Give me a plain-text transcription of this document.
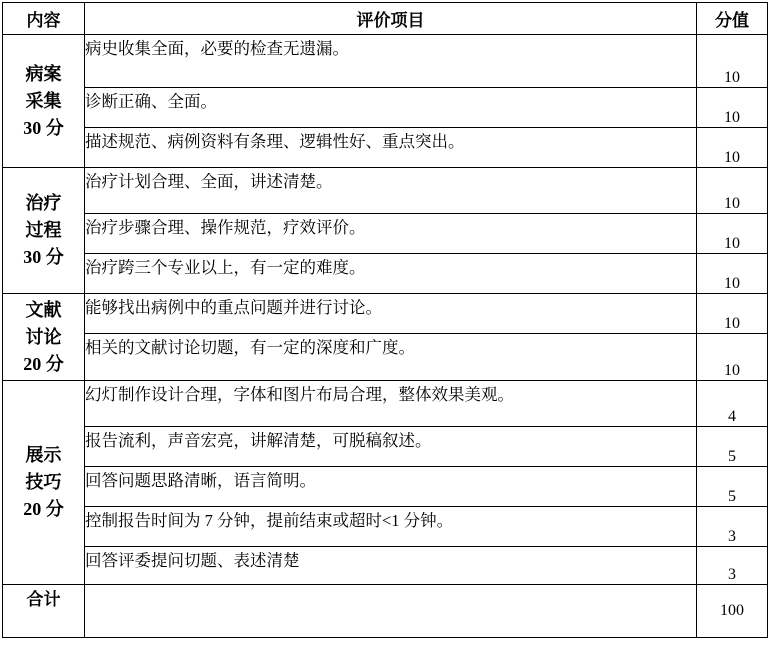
内容	评价项目	分值

病案
采集
30 分	病史收集全面，必要的检查无遗漏。	10
	诊断正确、全面。	10
	描述规范、病例资料有条理、逻辑性好、重点突出。	10

治疗
过程
30 分	治疗计划合理、全面，讲述清楚。	10
	治疗步骤合理、操作规范，疗效评价。	10
	治疗跨三个专业以上，有一定的难度。	10

文献
讨论
20 分	能够找出病例中的重点问题并进行讨论。	10
	相关的文献讨论切题，有一定的深度和广度。	10

展示
技巧
20 分	幻灯制作设计合理，字体和图片布局合理，整体效果美观。	4
	报告流利，声音宏亮，讲解清楚，可脱稿叙述。	5
	回答问题思路清晰，语言简明。	5
	控制报告时间为 7 分钟，提前结束或超时<1 分钟。	3
	回答评委提问切题、表述清楚	3
合计		100
